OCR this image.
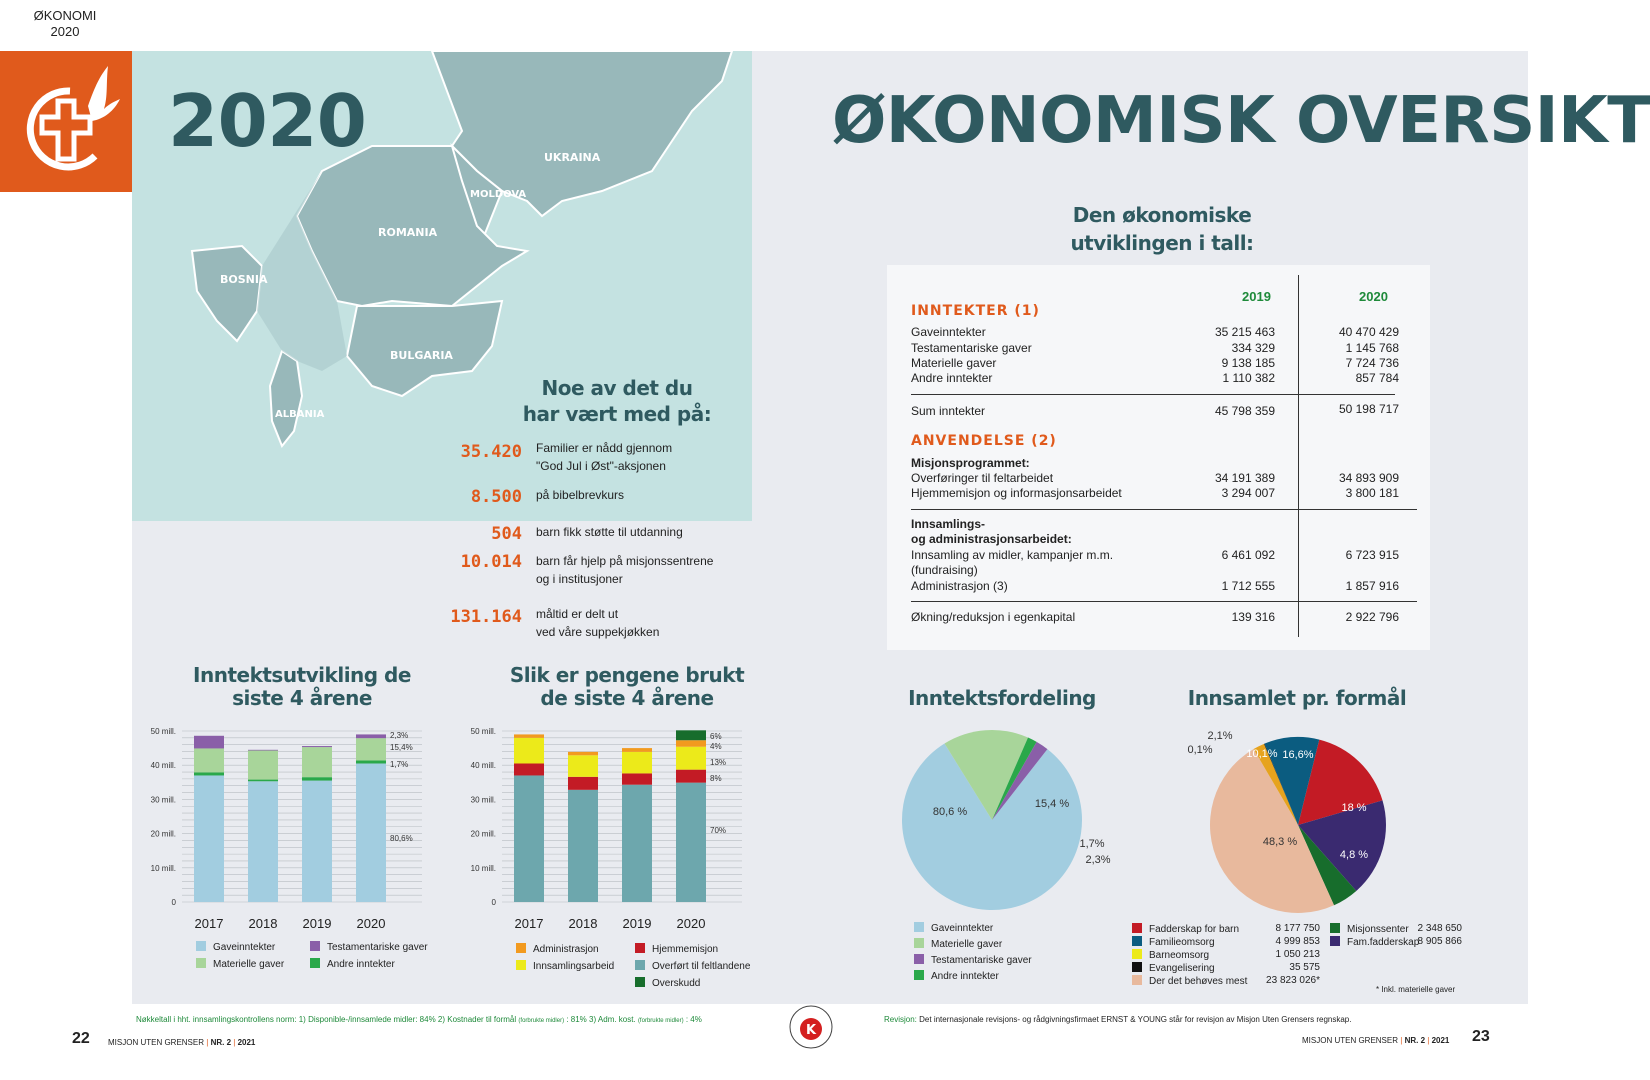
ØKONOMI
2020
UKRAINA
MOLDOVA
ROMANIA
BOSNIA
BULGARIA
ALBANIA
2020	ØKONOMISK OVERSIKT
Noe av det du
har vært med på:
35.420 Familier er nådd gjennom
"God Jul i Øst"-aksjonen
8.500 på bibelbrevkurs
504 barn fikk støtte til utdanning
10.014 barn får hjelp på misjonssentrene
og i institusjoner
131.164 måltid er delt ut
ved våre suppekjøkken
Den økonomiske
utviklingen i tall:
2019	2020
INNTEKTER (1)
Gaveinntekter	35 215 463	40 470 429
Testamentariske gaver	334 329	1 145 768
Materielle gaver	9 138 185	7 724 736
Andre inntekter	1 110 382	857 784
Sum inntekter	45 798 359	50 198 717
ANVENDELSE (2)
Misjonsprogrammet:
Overføringer til feltarbeidet	34 191 389	34 893 909
Hjemmemisjon og informasjonsarbeidet	3 294 007	3 800 181
Innsamlings-
og administrasjonsarbeidet:
Innsamling av midler, kampanjer m.m.
(fundraising)
6 461 092	6 723 915
Administrasjon (3)	1 712 555	1 857 916
Økning/reduksjon i egenkapital	139 316	2 922 796
Inntektsutvikling de
siste 4 årene
0
10 mill.
20 mill.
30 mill.
40 mill.
50 mill.
2017 2018 2019 2020
2,3%
15,4%
1,7%
80,6%
Slik er pengene brukt
de siste 4 årene
0
10 mill.
20 mill.
30 mill.
40 mill.
50 mill.
2017 2018 2019 2020
6%
4%
13%
8%
70%
Gaveinntekter	Testamentariske gaver
Materielle gaver	Andre inntekter
Administrasjon	Hjemmemisjon
Innsamlingsarbeid	Overført til feltlandene
Overskudd
Inntektsfordeling
80,6 %
15,4 %
1,7%
2,3%
Gaveinntekter
Materielle gaver
Testamentariske gaver
Andre inntekter
Innsamlet pr. formål
16,6%
18 %
4,8 %
48,3 %
2,1%
0,1%	10,1%
Fadderskap for barn	8 177 750
Familieomsorg	4 999 853
Barneomsorg	1 050 213
Evangelisering	35 575
Der det behøves mest	23 823 026*
Misjonssenter 2 348 650
Fam.fadderskap
8 905 866
* Inkl. materielle gaver
Nøkkeltall i hht. innsamlingskontrollens norm: 1) Disponible-/innsamlede midler: 84% 2) Kostnader til formål (forbrukte midler) : 81% 3) Adm. kost. (forbrukte midler) : 4%	Revisjon: Det internasjonale revisjons- og rådgivningsfirmaet ERNST & YOUNG står for revisjon av Misjon Uten Grensers regnskap.
K
22 MISJON UTEN GRENSER | NR. 2 | 2021	MISJON UTEN GRENSER | NR. 2 | 2021 23
